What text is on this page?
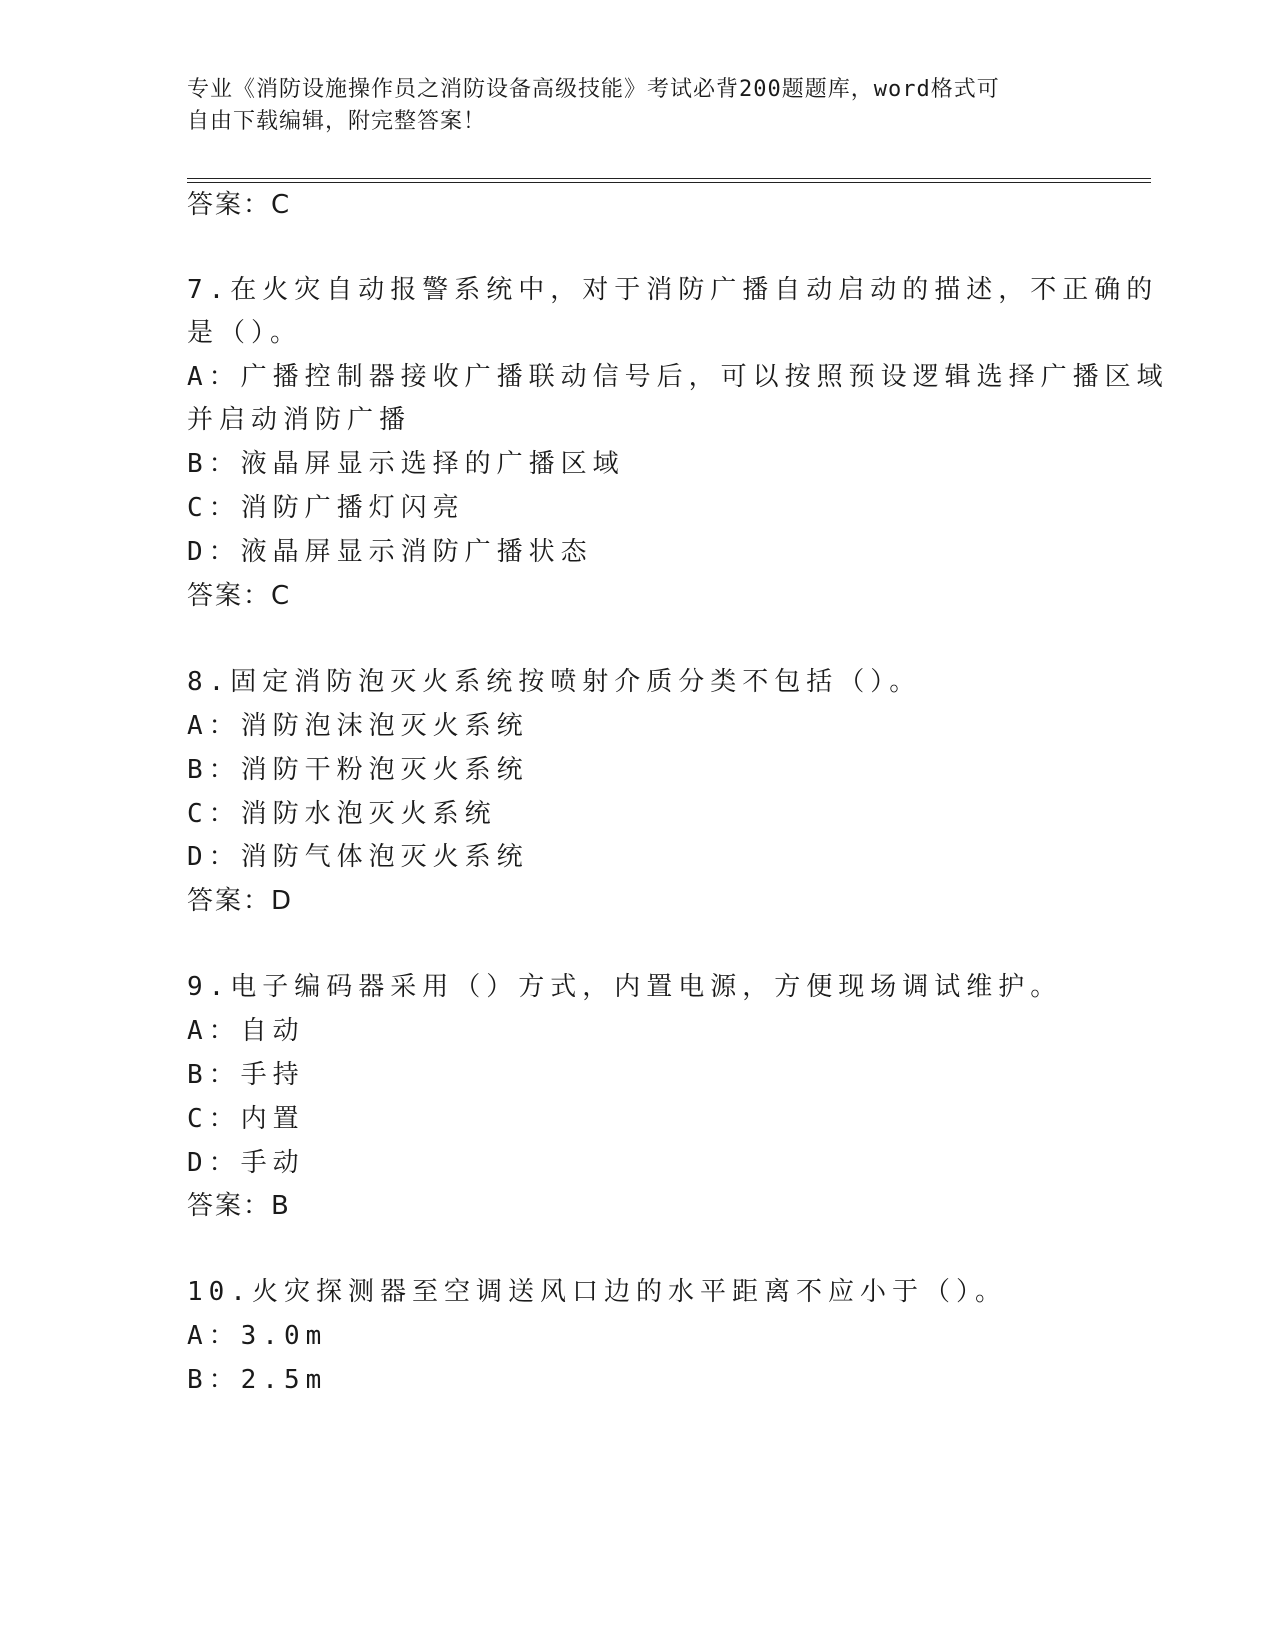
专业《消防设施操作员之消防设备高级技能》考试必背200题题库，word格式可
自由下载编辑，附完整答案！
答案：C
7.在火灾自动报警系统中，对于消防广播自动启动的描述，不正确的
是（）。
A：广播控制器接收广播联动信号后，可以按照预设逻辑选择广播区域
并启动消防广播
B：液晶屏显示选择的广播区域
C：消防广播灯闪亮
D：液晶屏显示消防广播状态
答案：C
8.固定消防泡灭火系统按喷射介质分类不包括（）。
A：消防泡沫泡灭火系统
B：消防干粉泡灭火系统
C：消防水泡灭火系统
D：消防气体泡灭火系统
答案：D
9.电子编码器采用（）方式，内置电源，方便现场调试维护。
A：自动
B：手持
C：内置
D：手动
答案：B
10.火灾探测器至空调送风口边的水平距离不应小于（）。
A：3.0m
B：2.5m
